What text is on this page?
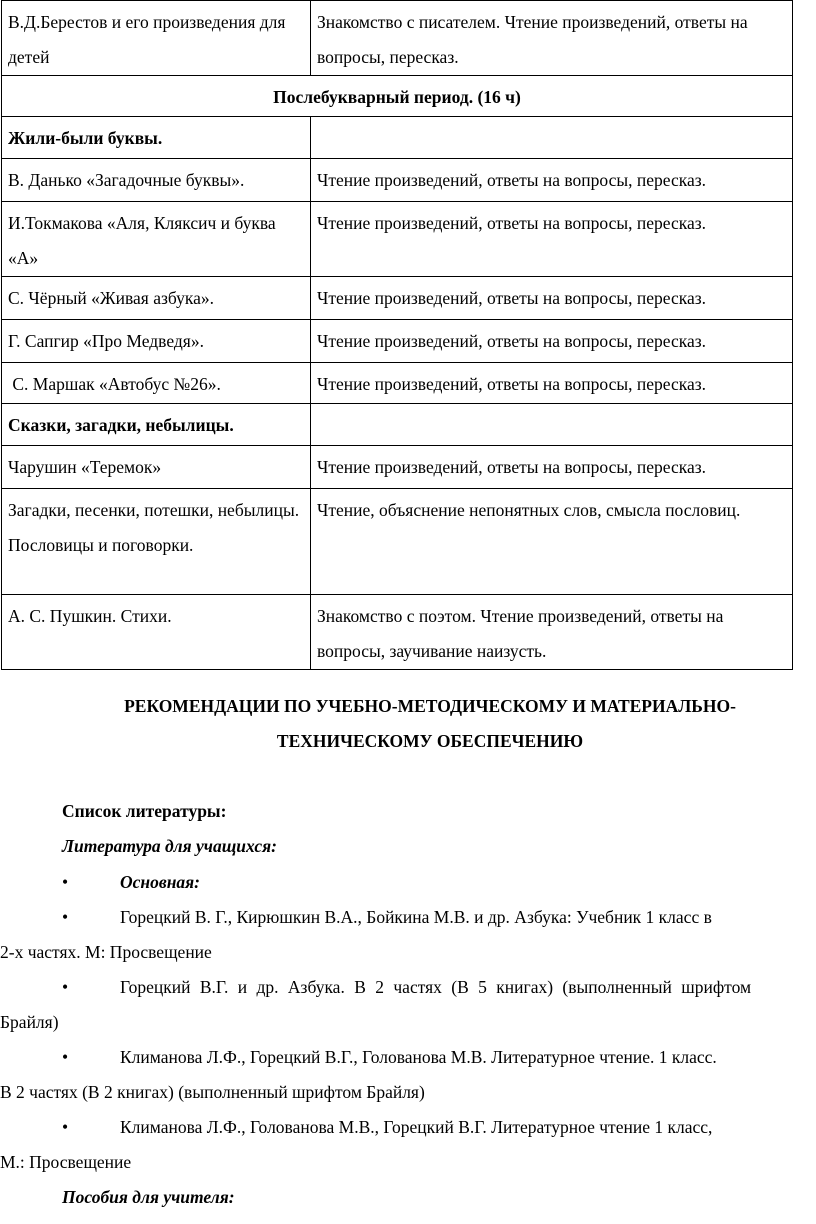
В.Д.Берестов и его произведения для детей	Знакомство с писателем. Чтение произведений, ответы на вопросы, пересказ.
Послебукварный период. (16 ч)	
Жили-были буквы.	
В. Данько «Загадочные буквы».	Чтение произведений, ответы на вопросы, пересказ.
И.Токмакова «Аля, Кляксич и буква «А»	Чтение произведений, ответы на вопросы, пересказ.
С. Чёрный «Живая азбука».	Чтение произведений, ответы на вопросы, пересказ.
Г. Сапгир «Про Медведя».	Чтение произведений, ответы на вопросы, пересказ.
С. Маршак «Автобус №26».	Чтение произведений, ответы на вопросы, пересказ.
Сказки, загадки, небылицы.	
Чарушин «Теремок»	Чтение произведений, ответы на вопросы, пересказ.
Загадки, песенки, потешки, небылицы. Пословицы и поговорки.	Чтение, объяснение непонятных слов, смысла пословиц.
А. С. Пушкин. Стихи.	Знакомство с поэтом. Чтение произведений, ответы на вопросы, заучивание наизусть.
РЕКОМЕНДАЦИИ ПО УЧЕБНО-МЕТОДИЧЕСКОМУ И МАТЕРИАЛЬНО-
ТЕХНИЧЕСКОМУ ОБЕСПЕЧЕНИЮ
Список литературы:
Литература для учащихся:
•	Основная:
•	Горецкий В. Г., Кирюшкин В.А., Бойкина М.В. и др. Азбука: Учебник 1 класс в
2-х частях. М: Просвещение
•	Горецкий В.Г. и др. Азбука. В 2 частях (В 5 книгах) (выполненный шрифтом
Брайля)
•	Климанова Л.Ф., Горецкий В.Г., Голованова М.В. Литературное чтение. 1 класс.
В 2 частях (В 2 книгах) (выполненный шрифтом Брайля)
•	Климанова Л.Ф., Голованова М.В., Горецкий В.Г. Литературное чтение 1 класс,
М.: Просвещение
Пособия для учителя:
